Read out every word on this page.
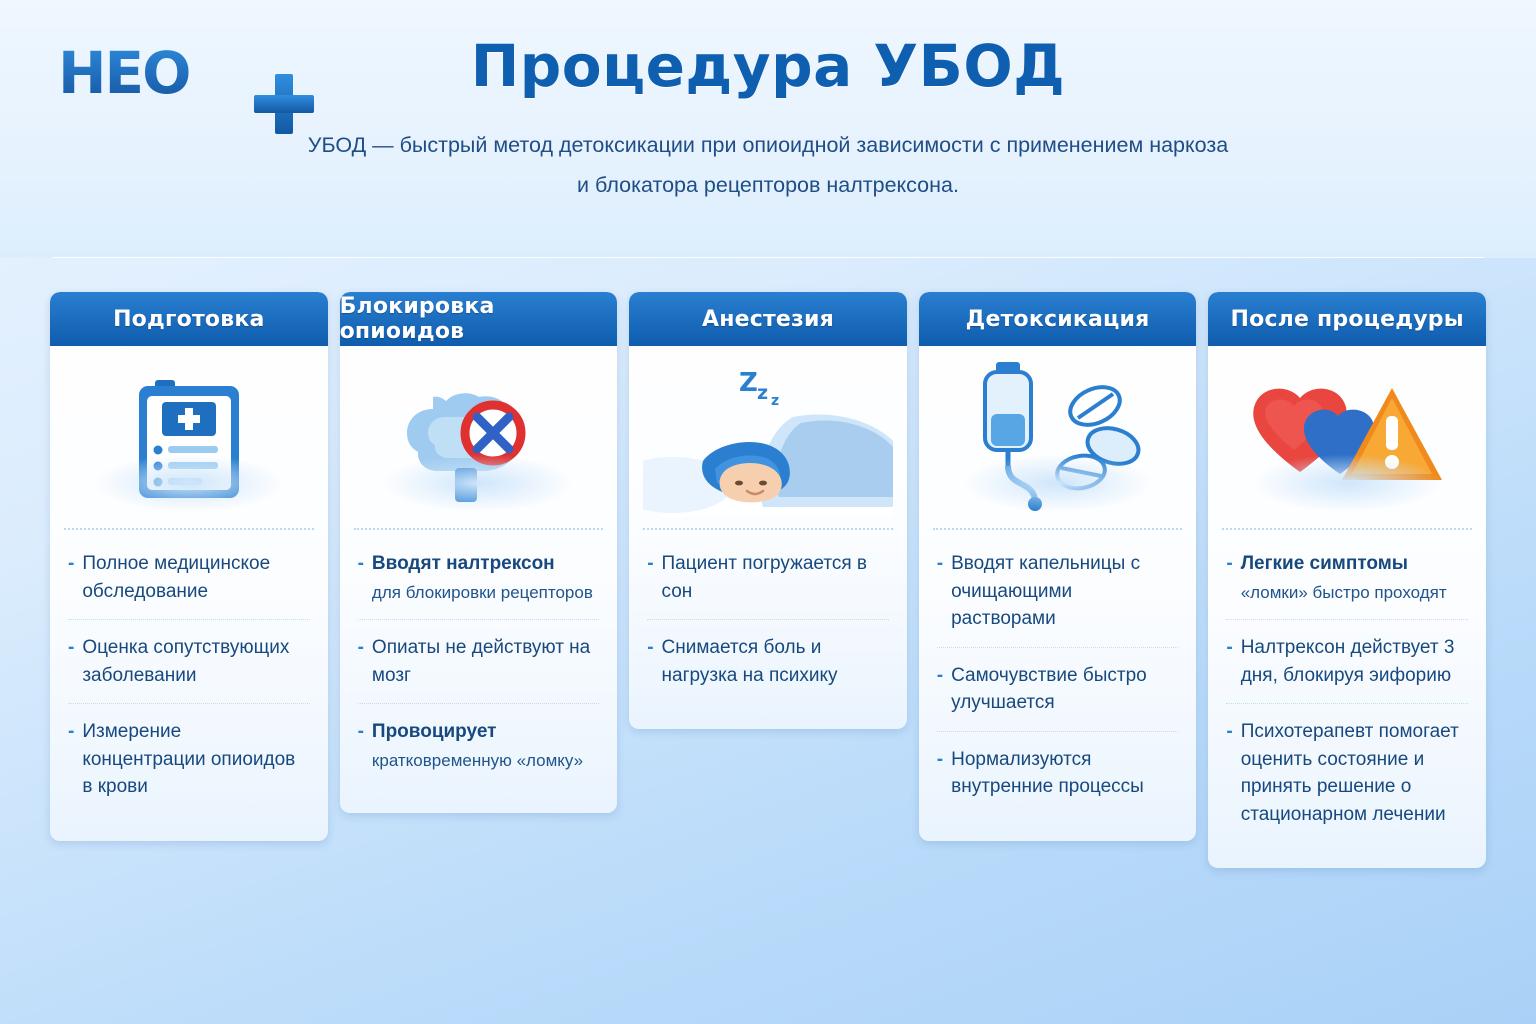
HEO	Процедура УБОД
УБОД — быстрый метод детоксикации при опиоидной зависимости с применением наркоза
и блокатора рецепторов налтрексона.
Подготовка
- Полное медицинское обследование
- Оценка сопутствующих заболевании
- Измерение концентрации опиоидов в крови
Блокировка опиоидов
- Вводят налтрексон
для блокировки рецепторов
- Опиаты не действуют на мозг
- Провоцирует
кратковременную «ломку»
Анестезия
Z z z
- Пациент погружается в сон
- Снимается боль и нагрузка на психику
Детоксикация
- Вводят капельницы с очищающими растворами
- Самочувствие быстро улучшается
- Нормализуются внутренние процессы
После процедуры
- Легкие симптомы
«ломки» быстро проходят
- Налтрексон действует 3 дня, блокируя эифорию
- Психотерапевт помогает оценить состояние и принять решение о стационарном лечении
